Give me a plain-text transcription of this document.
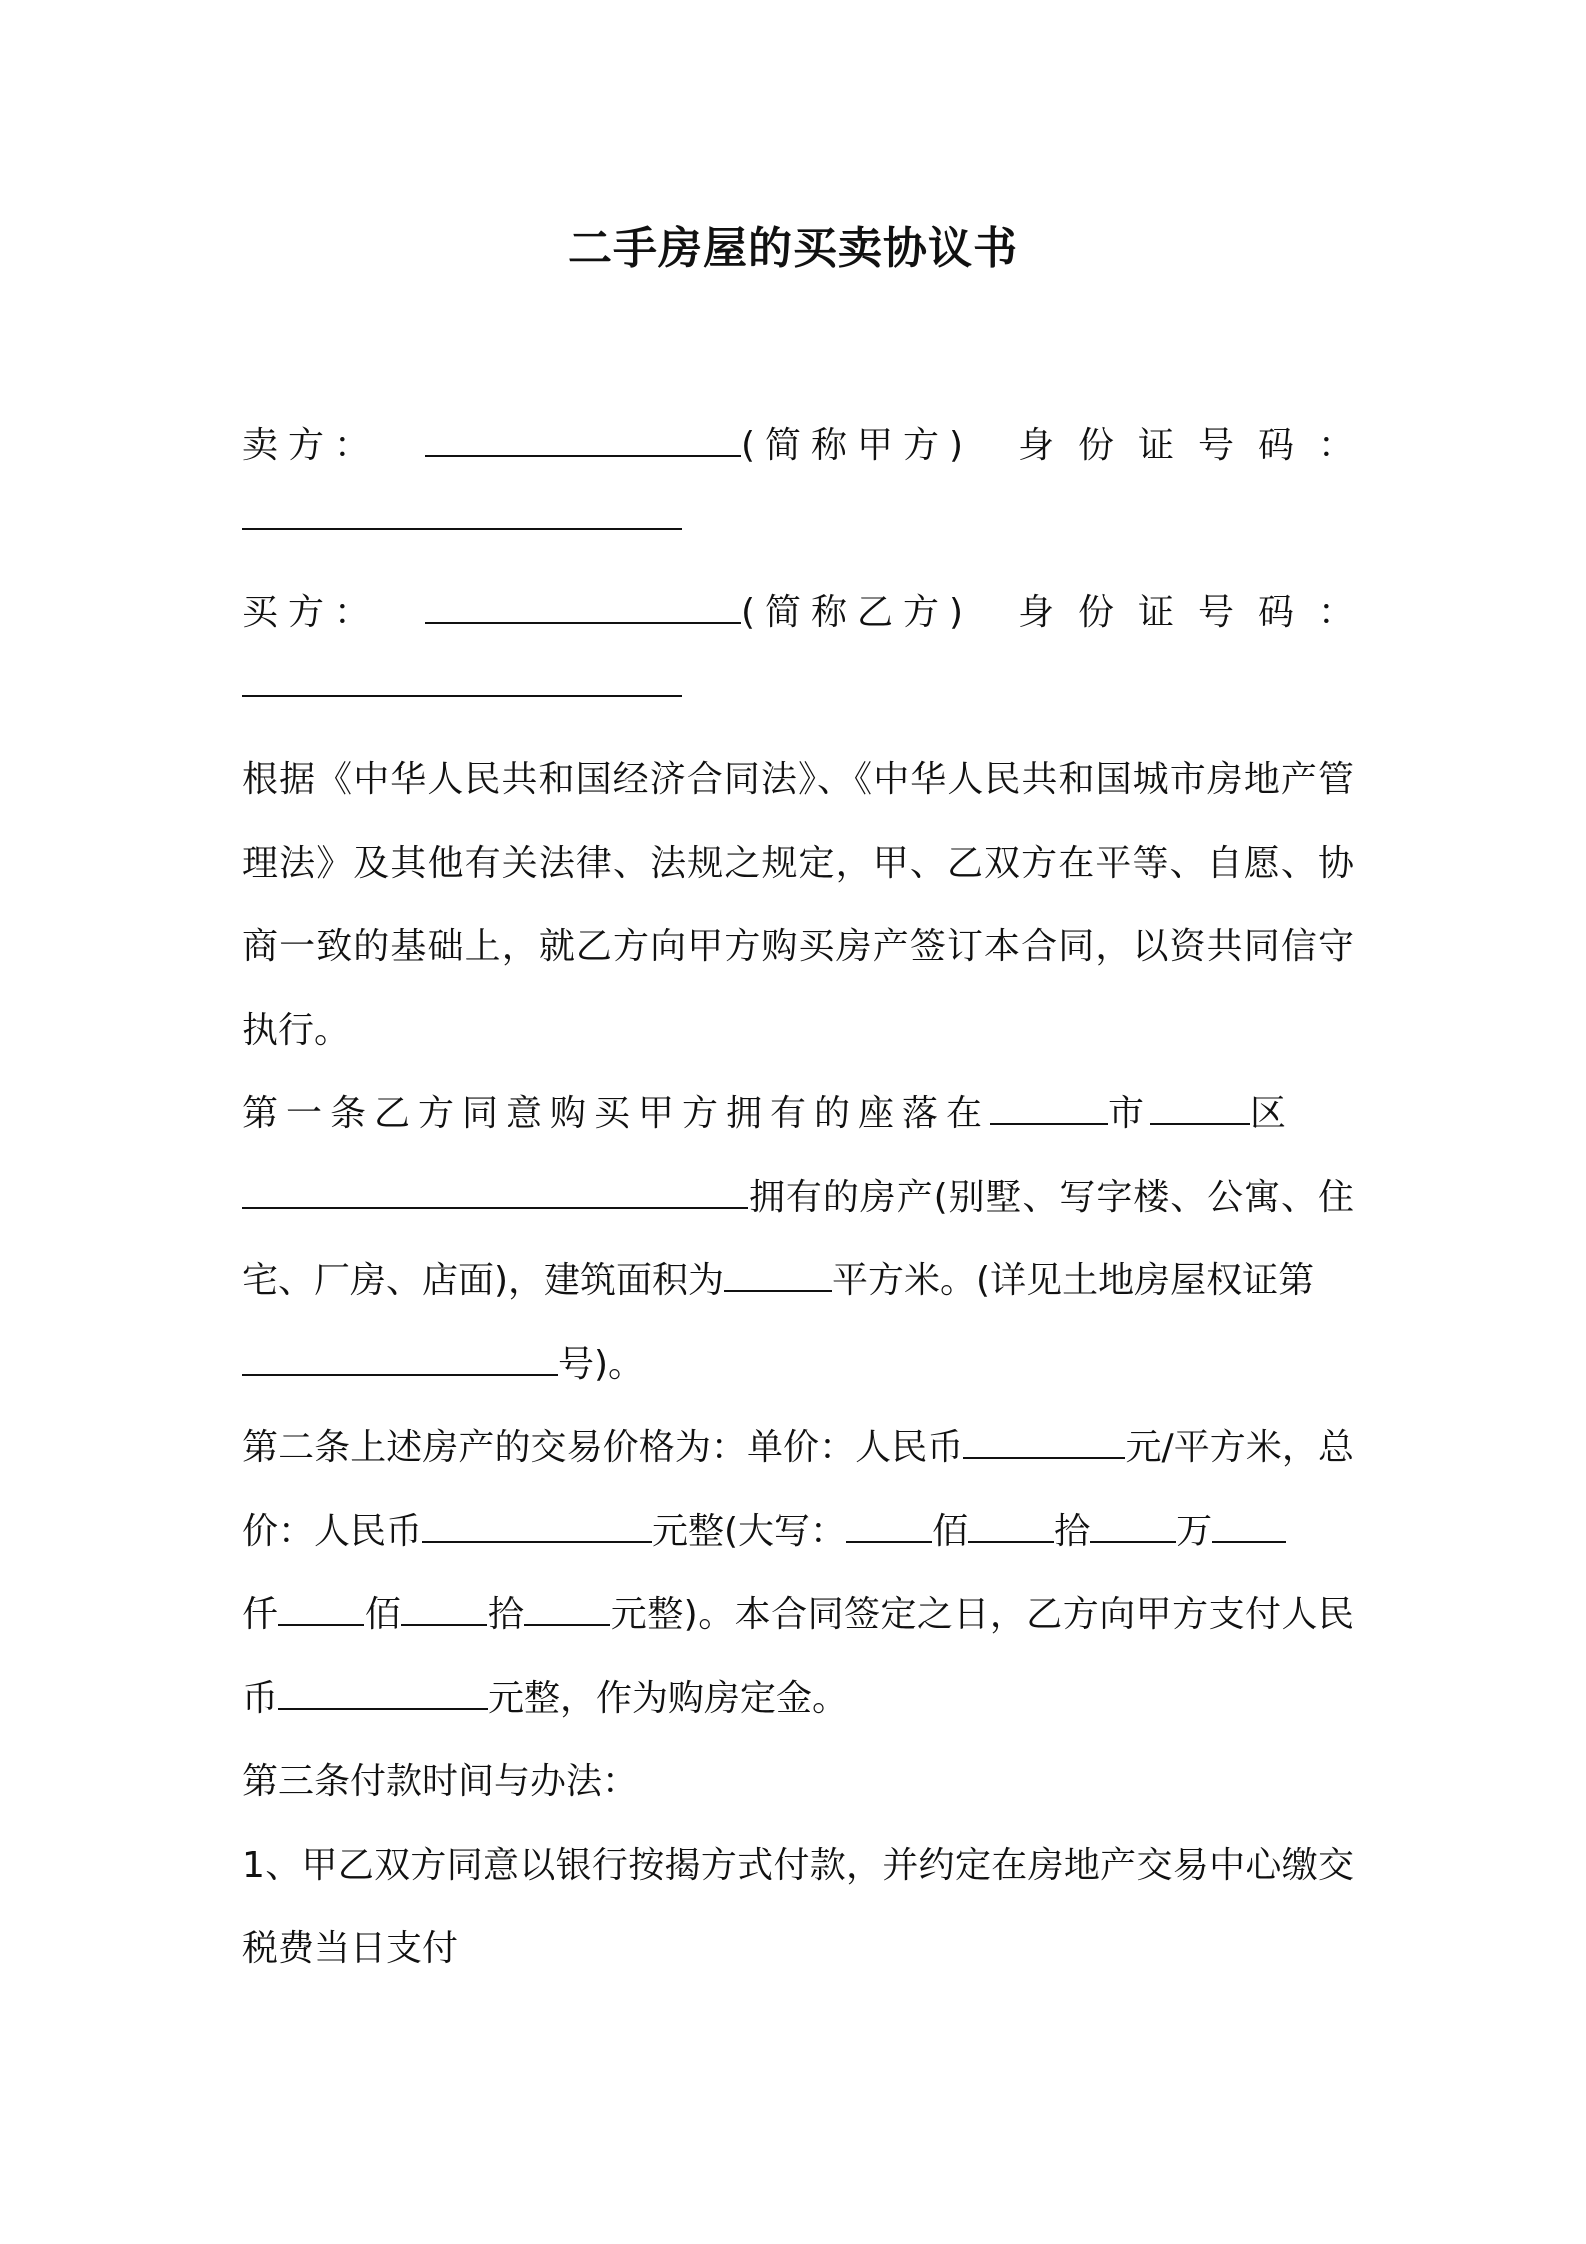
二手房屋的买卖协议书
卖方：	(简称甲方) 身份证号码：
买方：	(简称乙方) 身份证号码：

根据《中华人民共和国经济合同法》、《中华人民共和国城市房地产管理法》及其他有关法律、法规之规定，甲、乙双方在平等、自愿、协商一致的基础上，就乙方向甲方购买房产签订本合同，以资共同信守执行。

第一条乙方同意购买甲方拥有的座落在	市	区
拥有的房产(别墅、写字楼、公寓、住宅、厂房、店面)，建筑面积为	平方米。(详见土地房屋权证第
号)。

第二条上述房产的交易价格为：单价：人民币	元/平方米，总价：人民币	元整(大写： 佰 拾 万
仟 佰 拾 元整)。本合同签定之日，乙方向甲方支付人民币	元整，作为购房定金。

第三条付款时间与办法：

1、甲乙双方同意以银行按揭方式付款，并约定在房地产交易中心缴交税费当日支付
